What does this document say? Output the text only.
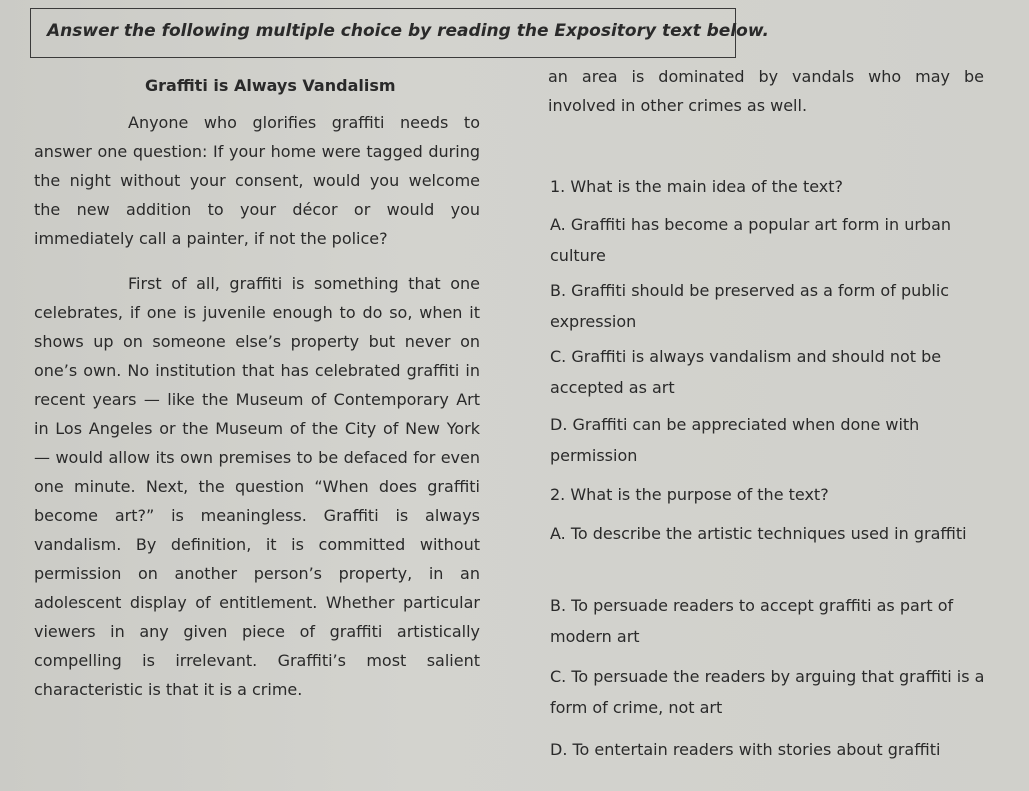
Answer the following multiple choice by reading the Expository text below.
Graffiti is Always Vandalism

Anyone who glorifies graffiti needs to answer one question: If your home were tagged during the night without your consent, would you welcome the new addition to your décor or would you immediately call a painter, if not the police?

First of all, graffiti is something that one celebrates, if one is juvenile enough to do so, when it shows up on someone else’s property but never on one’s own. No institution that has celebrated graffiti in recent years — like the Museum of Contemporary Art in Los Angeles or the Museum of the City of New York — would allow its own premises to be defaced for even one minute. Next, the question “When does graffiti become art?” is meaningless. Graffiti is always vandalism. By definition, it is committed without permission on another person’s property, in an adolescent display of entitlement. Whether particular viewers in any given piece of graffiti artistically compelling is irrelevant. Graffiti’s most salient characteristic is that it is a crime.

an area is dominated by vandals who may be involved in other crimes as well.
1. What is the main idea of the text?
A. Graffiti has become a popular art form in urban culture
B. Graffiti should be preserved as a form of public expression
C. Graffiti is always vandalism and should not be accepted as art
D. Graffiti can be appreciated when done with permission
2. What is the purpose of the text?
A. To describe the artistic techniques used in graffiti
B. To persuade readers to accept graffiti as part of modern art
C. To persuade the readers by arguing that graffiti is a form of crime, not art
D. To entertain readers with stories about graffiti
